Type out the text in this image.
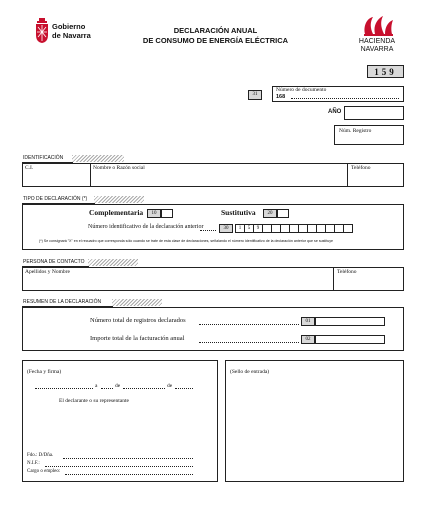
Gobierno
de Navarra
DECLARACIÓN ANUAL
DE CONSUMO DE ENERGÍA ELÉCTRICA	HACIENDA
NAVARRA
159
31
Número de documento
168
AÑO
Núm. Registro
IDENTIFICACIÓN
C.I.	Nombre o Razón social	Teléfono
TIPO DE DECLARACIÓN (*)
Complementaria	10	Sustitutiva	20
Número identificativo de la declaración anterior	30	1	5	9
(*) Se consignará "X" en el recuadro que corresponda sólo cuando se trate de esta clase de declaraciones, señalando el número identificativo de la declaración anterior que se sustituye
PERSONA DE CONTACTO
Apellidos y Nombre	Teléfono
RESUMEN DE LA DECLARACIÓN
Número total de registros declarados	01
Importe total de la facturación anual	02
(Fecha y firma)
a	de	de
El declarante o su representante
Fdo.: D/Dña.
N.I.F.:
Cargo o empleo:
(Sello de entrada)
